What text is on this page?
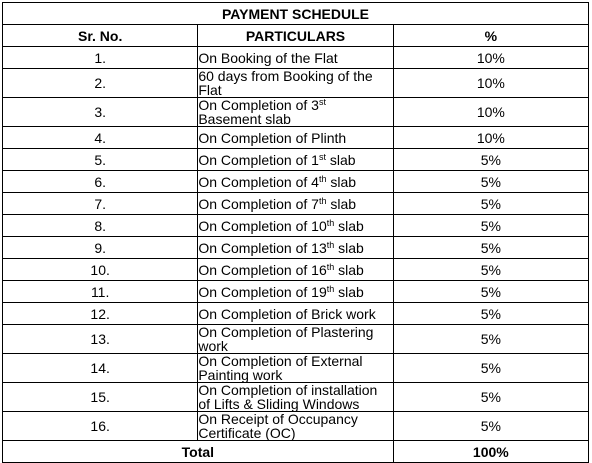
PAYMENT SCHEDULE		
Sr. No.	PARTICULARS	%
1.	On Booking of the Flat	10%
2.	60 days from Booking of the Flat	10%
3.	On Completion of 3st Basement slab	10%
4.	On Completion of Plinth	10%
5.	On Completion of 1st slab	5%
6.	On Completion of 4th slab	5%
7.	On Completion of 7th slab	5%
8.	On Completion of 10th slab	5%
9.	On Completion of 13th slab	5%
10.	On Completion of 16th slab	5%
11.	On Completion of 19th slab	5%
12.	On Completion of Brick work	5%
13.	On Completion of Plastering work	5%
14.	On Completion of External Painting work	5%
15.	On Completion of installation of Lifts & Sliding Windows	5%
16.	On Receipt of Occupancy Certificate (OC)	5%
Total		100%
